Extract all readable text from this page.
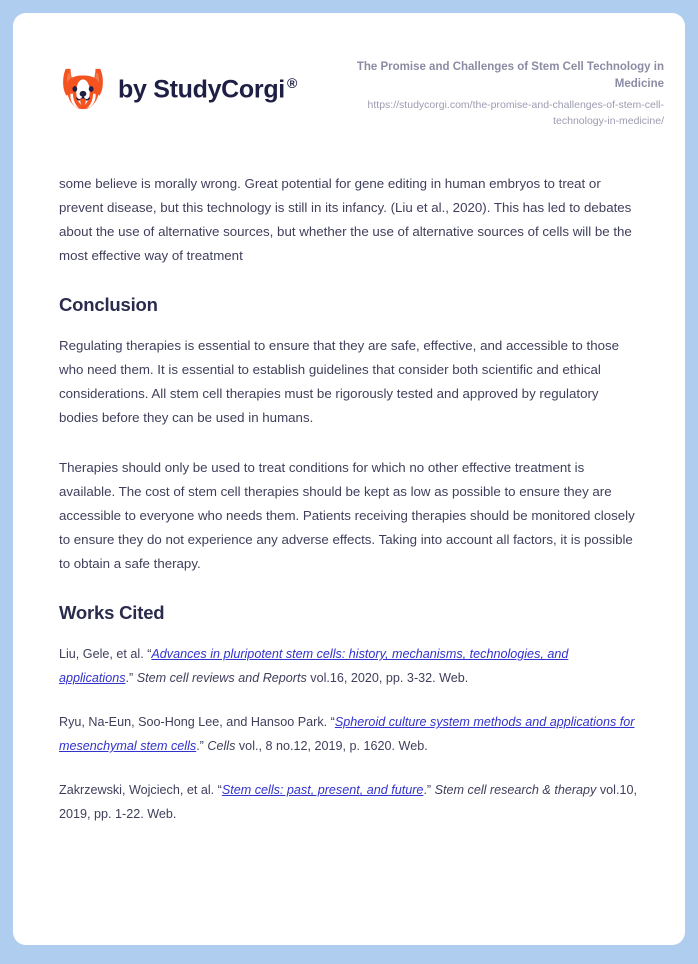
by StudyCorgi ®
The Promise and Challenges of Stem Cell Technology in Medicine
https://studycorgi.com/the-promise-and-challenges-of-stem-cell-technology-in-medicine/

some believe is morally wrong. Great potential for gene editing in human embryos to treat or prevent disease, but this technology is still in its infancy. (Liu et al., 2020). This has led to debates about the use of alternative sources, but whether the use of alternative sources of cells will be the most effective way of treatment

Conclusion

Regulating therapies is essential to ensure that they are safe, effective, and accessible to those who need them. It is essential to establish guidelines that consider both scientific and ethical considerations. All stem cell therapies must be rigorously tested and approved by regulatory bodies before they can be used in humans.

Therapies should only be used to treat conditions for which no other effective treatment is available. The cost of stem cell therapies should be kept as low as possible to ensure they are accessible to everyone who needs them. Patients receiving therapies should be monitored closely to ensure they do not experience any adverse effects. Taking into account all factors, it is possible to obtain a safe therapy.

Works Cited

Liu, Gele, et al. “Advances in pluripotent stem cells: history, mechanisms, technologies, and applications.” Stem cell reviews and Reports vol.16, 2020, pp. 3-32. Web.

Ryu, Na-Eun, Soo-Hong Lee, and Hansoo Park. “Spheroid culture system methods and applications for mesenchymal stem cells.” Cells vol., 8 no.12, 2019, p. 1620. Web.

Zakrzewski, Wojciech, et al. “Stem cells: past, present, and future.” Stem cell research & therapy vol.10, 2019, pp. 1-22. Web.
